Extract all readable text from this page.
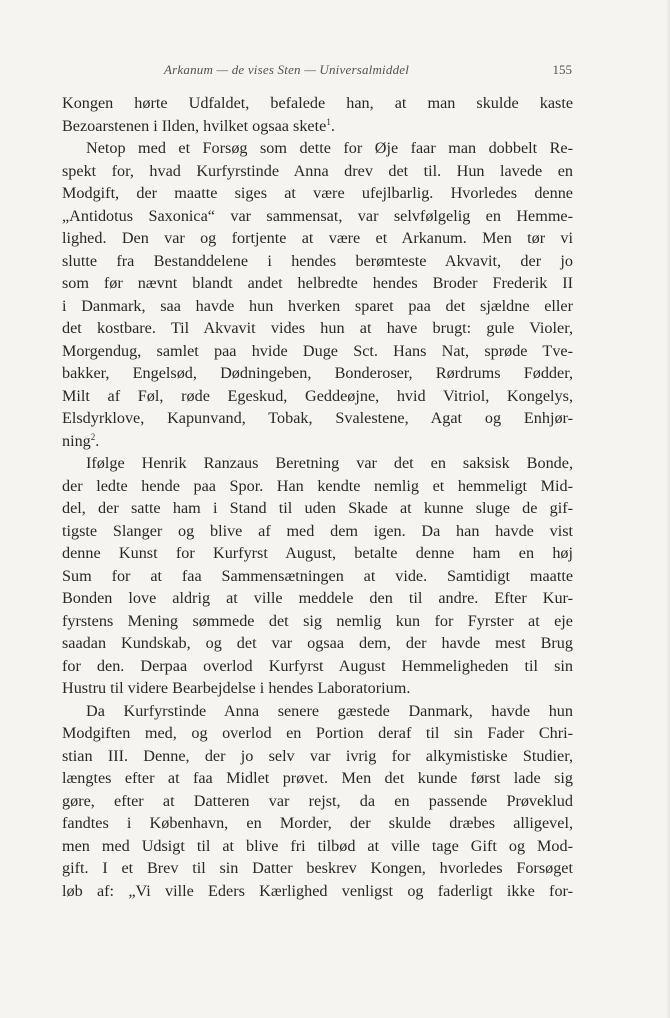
Arkanum — de vises Sten — Universalmiddel	155
Kongen hørte Udfaldet, befalede han, at man skulde kaste
Bezoarstenen i Ilden, hvilket ogsaa skete$^1$.
Netop med et Forsøg som dette for Øje faar man dobbelt Re-
spekt for, hvad Kurfyrstinde Anna drev det til. Hun lavede en
Modgift, der maatte siges at være ufejlbarlig. Hvorledes denne
„Antidotus Saxonica“ var sammensat, var selvfølgelig en Hemme-
lighed. Den var og fortjente at være et Arkanum. Men tør vi
slutte fra Bestanddelene i hendes berømteste Akvavit, der jo
som før nævnt blandt andet helbredte hendes Broder Frederik II
i Danmark, saa havde hun hverken sparet paa det sjældne eller
det kostbare. Til Akvavit vides hun at have brugt: gule Violer,
Morgendug, samlet paa hvide Duge Sct. Hans Nat, sprøde Tve-
bakker, Engelsød, Dødningeben, Bonderoser, Rørdrums Fødder,
Milt af Føl, røde Egeskud, Geddeøjne, hvid Vitriol, Kongelys,
Elsdyrklove, Kapunvand, Tobak, Svalestene, Agat og Enhjør-
ning$^2$.
Ifølge Henrik Ranzaus Beretning var det en saksisk Bonde,
der ledte hende paa Spor. Han kendte nemlig et hemmeligt Mid-
del, der satte ham i Stand til uden Skade at kunne sluge de gif-
tigste Slanger og blive af med dem igen. Da han havde vist
denne Kunst for Kurfyrst August, betalte denne ham en høj
Sum for at faa Sammensætningen at vide. Samtidigt maatte
Bonden love aldrig at ville meddele den til andre. Efter Kur-
fyrstens Mening sømmede det sig nemlig kun for Fyrster at eje
saadan Kundskab, og det var ogsaa dem, der havde mest Brug
for den. Derpaa overlod Kurfyrst August Hemmeligheden til sin
Hustru til videre Bearbejdelse i hendes Laboratorium.
Da Kurfyrstinde Anna senere gæstede Danmark, havde hun
Modgiften med, og overlod en Portion deraf til sin Fader Chri-
stian III. Denne, der jo selv var ivrig for alkymistiske Studier,
længtes efter at faa Midlet prøvet. Men det kunde først lade sig
gøre, efter at Datteren var rejst, da en passende Prøveklud
fandtes i København, en Morder, der skulde dræbes alligevel,
men med Udsigt til at blive fri tilbød at ville tage Gift og Mod-
gift. I et Brev til sin Datter beskrev Kongen, hvorledes Forsøget
løb af: „Vi ville Eders Kærlighed venligst og faderligt ikke for-
